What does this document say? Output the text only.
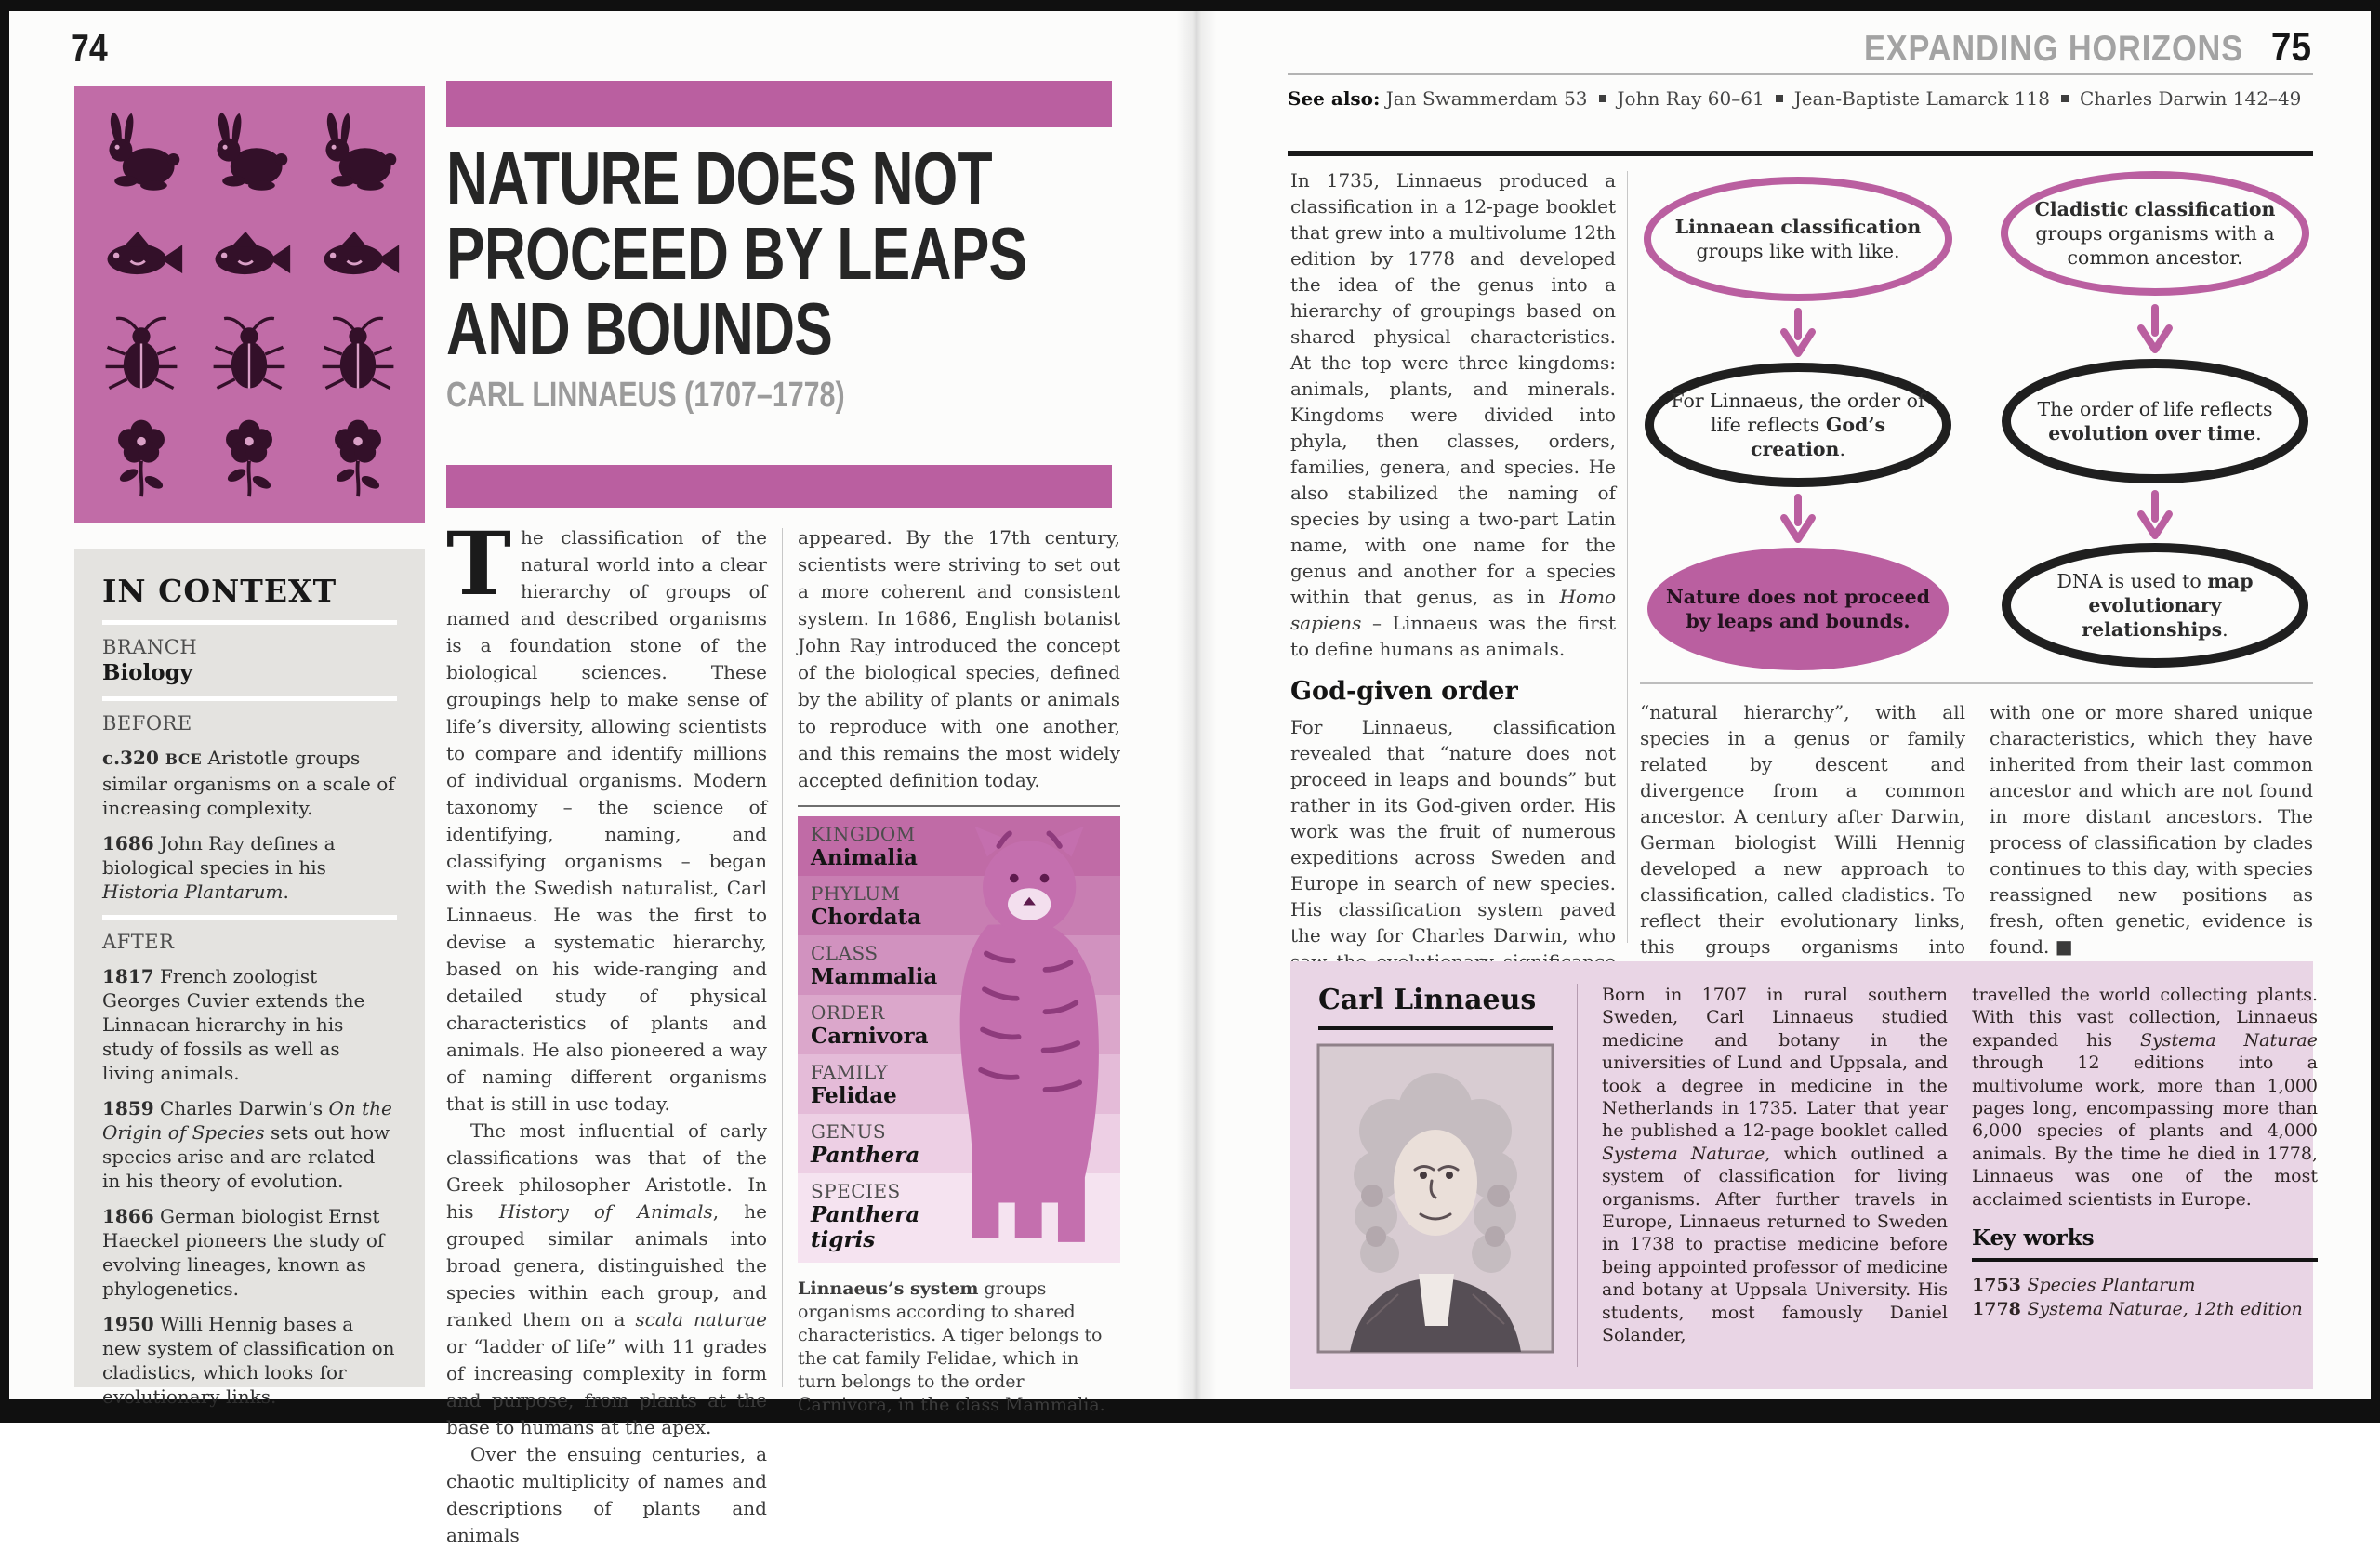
74
IN CONTEXT
BRANCH
Biology
BEFORE
c.320 BCE Aristotle groups similar organisms on a scale of increasing complexity.
1686 John Ray defines a biological species in his Historia Plantarum.
AFTER
1817 French zoologist Georges Cuvier extends the Linnaean hierarchy in his study of fossils as well as living animals.
1859 Charles Darwin’s On the Origin of Species sets out how species arise and are related in his theory of evolution.
1866 German biologist Ernst Haeckel pioneers the study of evolving lineages, known as phylogenetics.
1950 Willi Hennig bases a new system of classification on cladistics, which looks for evolutionary links.
NATURE DOES NOT
PROCEED BY LEAPS
AND BOUNDS
CARL LINNAEUS (1707–1778)

The classification of the natural world into a clear hierarchy of groups of named and described organisms is a foundation stone of the biological sciences. These groupings help to make sense of life’s diversity, allowing scientists to compare and identify millions of individual organisms. Modern taxonomy – the science of identifying, naming, and classifying organisms – began with the Swedish naturalist, Carl Linnaeus. He was the first to devise a systematic hierarchy, based on his wide-ranging and detailed study of physical characteristics of plants and animals. He also pioneered a way of naming different organisms that is still in use today.

The most influential of early classifications was that of the Greek philosopher Aristotle. In his History of Animals, he grouped similar animals into broad genera, distinguished the species within each group, and ranked them on a scala naturae or “ladder of life” with 11 grades of increasing complexity in form and purpose, from plants at the base to humans at the apex.

Over the ensuing centuries, a chaotic multiplicity of names and descriptions of plants and animals

appeared. By the 17th century, scientists were striving to set out a more coherent and consistent system. In 1686, English botanist John Ray introduced the concept of the biological species, defined by the ability of plants or animals to reproduce with one another, and this remains the most widely accepted definition today.

KINGDOM
Animalia
PHYLUM
Chordata
CLASS
Mammalia
ORDER
Carnivora
FAMILY
Felidae
GENUS
Panthera
SPECIES
Panthera tigris
Linnaeus’s system groups organisms according to shared characteristics. A tiger belongs to the cat family Felidae, which in turn belongs to the order Carnivora, in the class Mammalia.
EXPANDING HORIZONS 75
See also: Jan Swammerdam 53 John Ray 60–61 Jean-Baptiste Lamarck 118 Charles Darwin 142–49

In 1735, Linnaeus produced a classification in a 12-page booklet that grew into a multivolume 12th edition by 1778 and developed the idea of the genus into a hierarchy of groupings based on shared physical characteristics. At the top were three kingdoms: animals, plants, and minerals. Kingdoms were divided into phyla, then classes, orders, families, genera, and species. He also stabilized the naming of species by using a two-part Latin name, with one name for the genus and another for a species within that genus, as in Homo sapiens – Linnaeus was the first to define humans as animals.

God-given order

For Linnaeus, classification revealed that “nature does not proceed in leaps and bounds” but rather in its God-given order. His work was the fruit of numerous expeditions across Sweden and Europe in search of new species. His classification system paved the way for Charles Darwin, who

Linnaean classification
groups like with like.
Cladistic classification
groups organisms with a common ancestor.
For Linnaeus, the order of life reflects God’s creation.
The order of life reflects evolution over time.
Nature does not proceed by leaps and bounds.
DNA is used to map evolutionary relationships.

“natural hierarchy”, with all species in a genus or family related by descent and divergence from a common ancestor. A century after Darwin, German biologist Willi Hennig developed a new approach to classification, called cladistics. To reflect their evolutionary links, this groups organisms into

with one or more shared unique characteristics, which they have inherited from their last common ancestor and which are not found in more distant ancestors. The process of classification by clades continues to this day, with species reassigned new positions as fresh, often genetic, evidence is found. ■

Carl Linnaeus	Born in 1707 in rural southern Sweden, Carl Linnaeus studied medicine and botany in the universities of Lund and Uppsala, and took a degree in medicine in the Netherlands in 1735. Later that year he published a 12-page booklet called Systema Naturae, which outlined a system of classification for living organisms. After further travels in Europe, Linnaeus returned to Sweden in 1738 to practise medicine before being appointed professor of medicine and botany at Uppsala University. His students, most famously Daniel Solander,
travelled the world collecting plants. With this vast collection, Linnaeus expanded his Systema Naturae through 12 editions into a multivolume work, more than 1,000 pages long, encompassing more than 6,000 species of plants and 4,000 animals. By the time he died in 1778, Linnaeus was one of the most acclaimed scientists in Europe.
Key works
1753 Species Plantarum
1778 Systema Naturae, 12th edition
